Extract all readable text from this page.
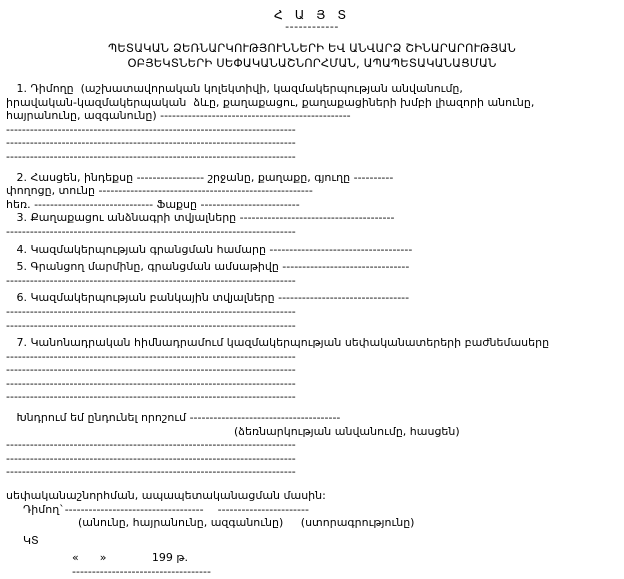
Հ Ա Յ Տ
------------
ՊԵՏԱԿԱՆ ՁԵՌՆԱՐԿՈՒԹՅՈՒՆՆԵՐԻ ԵՎ ԱՆՎԱՐՁ ՇԻՆԱՐԱՐՈՒԹՅԱՆ
ՕԲՅԵԿՏՆԵՐԻ ՍԵՓԱԿԱՆԱՇՆՈՐՀՄԱՆ, ԱՊԱՊԵՏԱԿԱՆԱՑՄԱՆ
1. Դիմողը  (աշխատավորական կոլեկտիվի, կազմակերպության անվանումը,
իրավական-կազմակերպական  ձևը, քաղաքացու, քաղաքացիների խմբի լիազորի անունը,
հայրանունը, ազգանունը) ------------------------------------------------
-------------------------------------------------------------------------
-------------------------------------------------------------------------
-------------------------------------------------------------------------
2. Հասցեն, ինդեքսը ----------------- շրջանը, քաղաքը, գյուղը ----------
փողոցը, տունը ------------------------------------------------------
հեռ. ------------------------------ Ֆաքսը -------------------------
3. Քաղաքացու անձնագրի տվյալները ---------------------------------------
-------------------------------------------------------------------------
4. Կազմակերպության գրանցման համարը ------------------------------------
5. Գրանցող մարմինը, գրանցման ամսաթիվը --------------------------------
-------------------------------------------------------------------------
6. Կազմակերպության բանկային տվյալները ---------------------------------
-------------------------------------------------------------------------
-------------------------------------------------------------------------
7. Կանոնադրական հիմնադրամում կազմակերպության սեփականատերերի բաժնեմասերը
-------------------------------------------------------------------------
-------------------------------------------------------------------------
-------------------------------------------------------------------------
-------------------------------------------------------------------------
Խնդրում եմ ընդունել որոշում --------------------------------------
(ձեռնարկության անվանումը, հասցեն)
-------------------------------------------------------------------------
-------------------------------------------------------------------------
-------------------------------------------------------------------------
սեփականաշնորհման, ապապետականացման մասին:
Դիմող`----------------------------------- -----------------------
(անունը, հայրանունը, ազգանունը) (ստորագրությունը)
ԿՏ
« »	199 թ.
-----------------------------------
